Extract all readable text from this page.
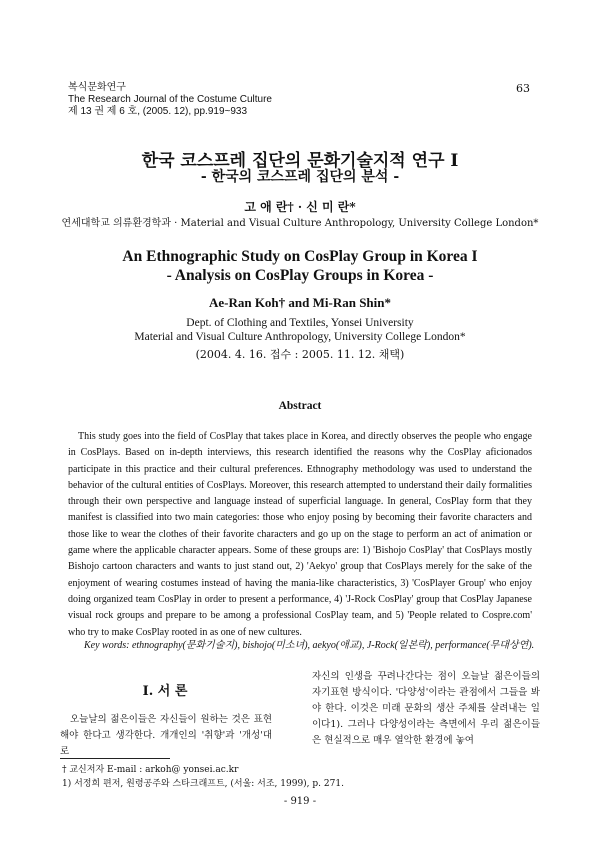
복식문화연구
The Research Journal of the Costume Culture
제 13 권 제 6 호, (2005. 12), pp.919~933
63
한국 코스프레 집단의 문화기술지적 연구 I
- 한국의 코스프레 집단의 분석 -
고 애 란† · 신 미 란*
연세대학교 의류환경학과 · Material and Visual Culture Anthropology, University College London*
An Ethnographic Study on CosPlay Group in Korea I
- Analysis on CosPlay Groups in Korea -
Ae-Ran Koh† and Mi-Ran Shin*
Dept. of Clothing and Textiles, Yonsei University
Material and Visual Culture Anthropology, University College London*
(2004. 4. 16. 접수 : 2005. 11. 12. 채택)
Abstract

This study goes into the field of CosPlay that takes place in Korea, and directly observes the people who engage in CosPlays. Based on in-depth interviews, this research identified the reasons why the CosPlay aficionados participate in this practice and their cultural preferences. Ethnography methodology was used to understand the behavior of the cultural entities of CosPlays. Moreover, this research attempted to understand their daily formalities through their own perspective and language instead of superficial language. In general, CosPlay form that they manifest is classified into two main categories: those who enjoy posing by becoming their favorite characters and those like to wear the clothes of their favorite characters and go up on the stage to perform an act of animation or game where the applicable character appears. Some of these groups are: 1) 'Bishojo CosPlay' that CosPlays mostly Bishojo cartoon characters and wants to just stand out, 2) 'Aekyo' group that CosPlays merely for the sake of the enjoyment of wearing costumes instead of having the mania-like characteristics, 3) 'CosPlayer Group' who enjoy doing organized team CosPlay in order to present a performance, 4) 'J-Rock CosPlay' group that CosPlay Japanese visual rock groups and prepare to be among a professional CosPlay team, and 5) 'People related to Cospre.com' who try to make CosPlay rooted in as one of new cultures.

Key words: ethnography(문화기술지), bishojo(미소녀), aekyo(애교), J-Rock(일본락), performance(무대상연).
I. 서 론

오늘날의 젊은이들은 자신들이 원하는 것은 표현해야 한다고 생각한다. 개개인의 '취향'과 '개성'대로

자신의 인생을 꾸려나간다는 점이 오늘날 젊은이들의 자기표현 방식이다. '다양성'이라는 관점에서 그들을 봐야 한다. 이것은 미래 문화의 생산 주체를 살려내는 일이다1). 그러나 다양성이라는 측면에서 우리 젊은이들은 현실적으로 매우 열악한 환경에 놓여

† 교신저자 E-mail : arkoh@ yonsei.ac.kr
1) 서정희 편저, 원령공주와 스타크래프트, (서울: 서조, 1999), p. 271.
- 919 -
